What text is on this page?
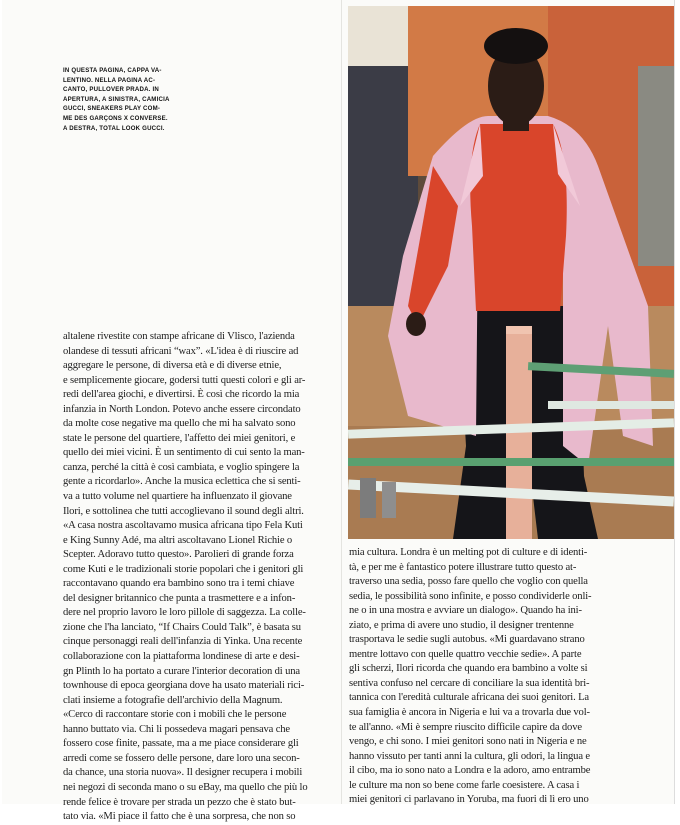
IN QUESTA PAGINA, CAPPA VA-
LENTINO. NELLA PAGINA AC-
CANTO, PULLOVER PRADA. IN
APERTURA, A SINISTRA, CAMICIA
GUCCI, SNEAKERS PLAY COM-
ME DES GARÇONS X CONVERSE.
A DESTRA, TOTAL LOOK GUCCI.
altalene rivestite con stampe africane di Vlisco, l'azienda
olandese di tessuti africani “wax”. «L'idea è di riuscire ad
aggregare le persone, di diversa età e di diverse etnie,
e semplicemente giocare, godersi tutti questi colori e gli ar-
redi dell'area giochi, e divertirsi. È così che ricordo la mia
infanzia in North London. Potevo anche essere circondato
da molte cose negative ma quello che mi ha salvato sono
state le persone del quartiere, l'affetto dei miei genitori, e
quello dei miei vicini. È un sentimento di cui sento la man-
canza, perché la città è così cambiata, e voglio spingere la
gente a ricordarlo». Anche la musica eclettica che si senti-
va a tutto volume nel quartiere ha influenzato il giovane
Ilori, e sottolinea che tutti accoglievano il sound degli altri.
«A casa nostra ascoltavamo musica africana tipo Fela Kuti
e King Sunny Adé, ma altri ascoltavano Lionel Richie o
Scepter. Adoravo tutto questo». Parolieri di grande forza
come Kuti e le tradizionali storie popolari che i genitori gli
raccontavano quando era bambino sono tra i temi chiave
del designer britannico che punta a trasmettere e a infon-
dere nel proprio lavoro le loro pillole di saggezza. La colle-
zione che l'ha lanciato, “If Chairs Could Talk”, è basata su
cinque personaggi reali dell'infanzia di Yinka. Una recente
collaborazione con la piattaforma londinese di arte e desi-
gn Plinth lo ha portato a curare l'interior decoration di una
townhouse di epoca georgiana dove ha usato materiali rici-
clati insieme a fotografie dell'archivio della Magnum.
«Cerco di raccontare storie con i mobili che le persone
hanno buttato via. Chi li possedeva magari pensava che
fossero cose finite, passate, ma a me piace considerare gli
arredi come se fossero delle persone, dare loro una secon-
da chance, una storia nuova». Il designer recupera i mobili
nei negozi di seconda mano o su eBay, ma quello che più lo
rende felice è trovare per strada un pezzo che è stato but-
tato via. «Mi piace il fatto che è una sorpresa, che non so
mia cultura. Londra è un melting pot di culture e di identi-
tà, e per me è fantastico potere illustrare tutto questo at-
traverso una sedia, posso fare quello che voglio con quella
sedia, le possibilità sono infinite, e posso condividerle onli-
ne o in una mostra e avviare un dialogo». Quando ha ini-
ziato, e prima di avere uno studio, il designer trentenne
trasportava le sedie sugli autobus. «Mi guardavano strano
mentre lottavo con quelle quattro vecchie sedie». A parte
gli scherzi, Ilori ricorda che quando era bambino a volte si
sentiva confuso nel cercare di conciliare la sua identità bri-
tannica con l'eredità culturale africana dei suoi genitori. La
sua famiglia è ancora in Nigeria e lui va a trovarla due vol-
te all'anno. «Mi è sempre riuscito difficile capire da dove
vengo, e chi sono. I miei genitori sono nati in Nigeria e ne
hanno vissuto per tanti anni la cultura, gli odori, la lingua e
il cibo, ma io sono nato a Londra e la adoro, amo entrambe
le culture ma non so bene come farle coesistere. A casa i
miei genitori ci parlavano in Yoruba, ma fuori di lì ero uno
